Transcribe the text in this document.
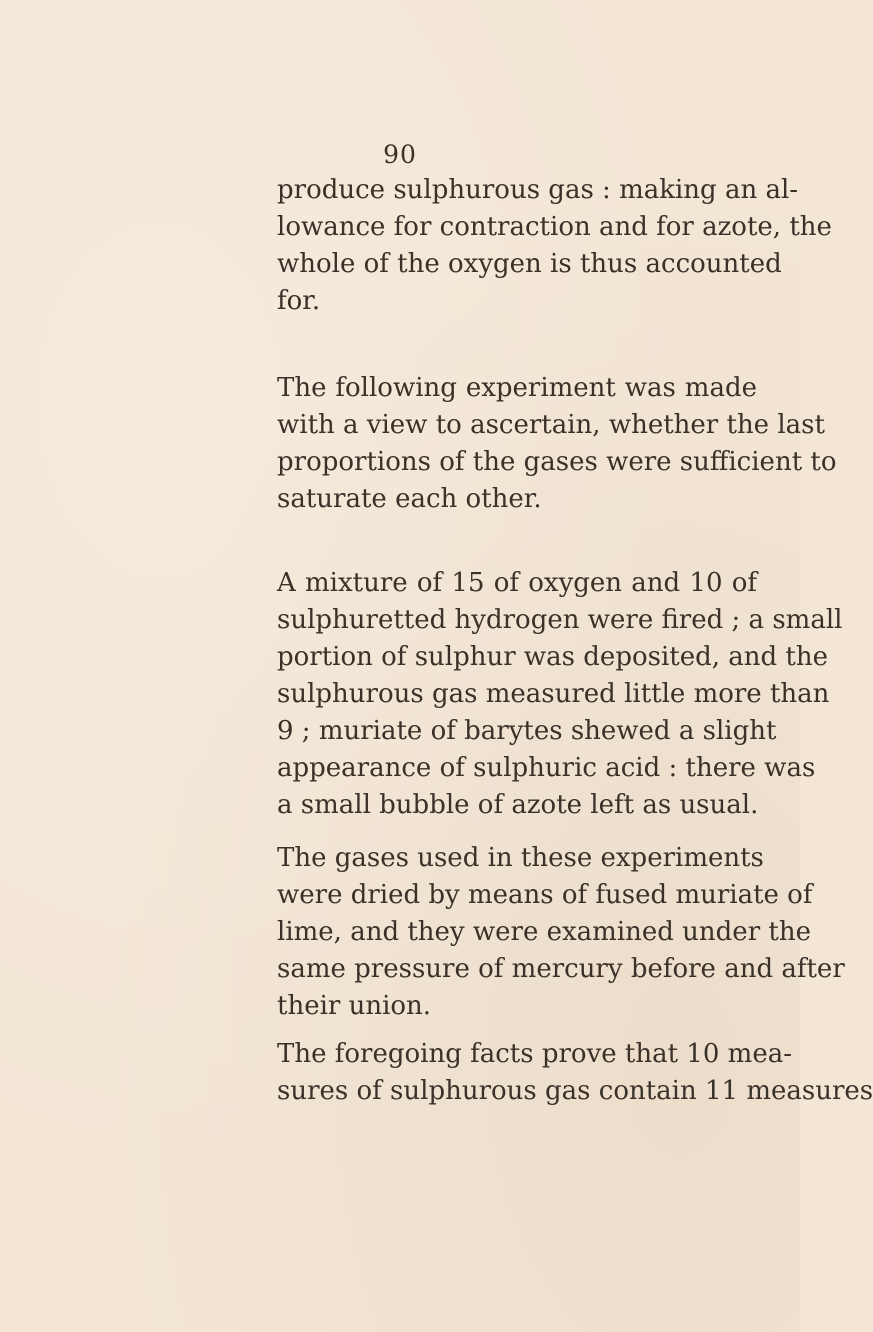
90
produce sulphurous gas : making an al-
lowance for contraction and for azote, the
whole of the oxygen is thus accounted
for.
The following experiment was made
with a view to ascertain, whether the last
proportions of the gases were sufficient to
saturate each other.
A mixture of 15 of oxygen and 10 of
sulphuretted hydrogen were fired ; a small
portion of sulphur was deposited, and the
sulphurous gas measured little more than
9 ; muriate of barytes shewed a slight
appearance of sulphuric acid : there was
a small bubble of azote left as usual.
The gases used in these experiments
were dried by means of fused muriate of
lime, and they were examined under the
same pressure of mercury before and after
their union.
The foregoing facts prove that 10 mea-
sures of sulphurous gas contain 11 measures
